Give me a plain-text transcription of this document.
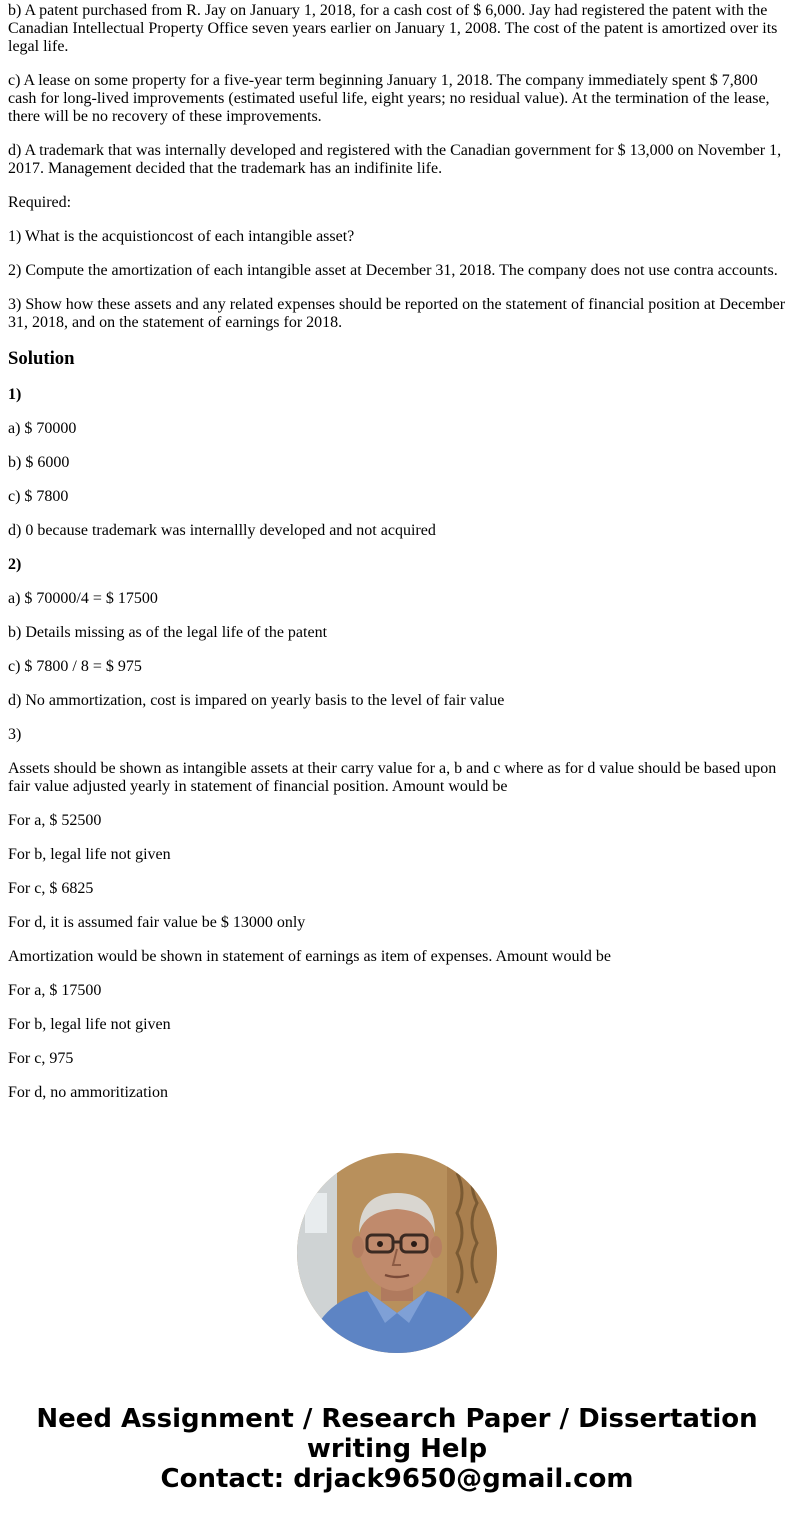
b) A patent purchased from R. Jay on January 1, 2018, for a cash cost of $ 6,000. Jay had registered the patent with the Canadian Intellectual Property Office seven years earlier on January 1, 2008. The cost of the patent is amortized over its legal life.

c) A lease on some property for a five-year term beginning January 1, 2018. The company immediately spent $ 7,800 cash for long-lived improvements (estimated useful life, eight years; no residual value). At the termination of the lease, there will be no recovery of these improvements.

d) A trademark that was internally developed and registered with the Canadian government for $ 13,000 on November 1, 2017. Management decided that the trademark has an indifinite life.

Required:

1) What is the acquistioncost of each intangible asset?

2) Compute the amortization of each intangible asset at December 31, 2018. The company does not use contra accounts.

3) Show how these assets and any related expenses should be reported on the statement of financial position at December 31, 2018, and on the statement of earnings for 2018.

Solution

1)

a) $ 70000

b) $ 6000

c) $ 7800

d) 0 because trademark was internallly developed and not acquired

2)

a) $ 70000/4 = $ 17500

b) Details missing as of the legal life of the patent

c) $ 7800 / 8 = $ 975

d) No ammortization, cost is impared on yearly basis to the level of fair value

3)

Assets should be shown as intangible assets at their carry value for a, b and c where as for d value should be based upon fair value adjusted yearly in statement of financial position. Amount would be

For a, $ 52500

For b, legal life not given

For c, $ 6825

For d, it is assumed fair value be $ 13000 only

Amortization would be shown in statement of earnings as item of expenses. Amount would be

For a, $ 17500

For b, legal life not given

For c, 975

For d, no ammoritization

Need Assignment / Research Paper / Dissertation
writing Help
Contact: drjack9650@gmail.com
